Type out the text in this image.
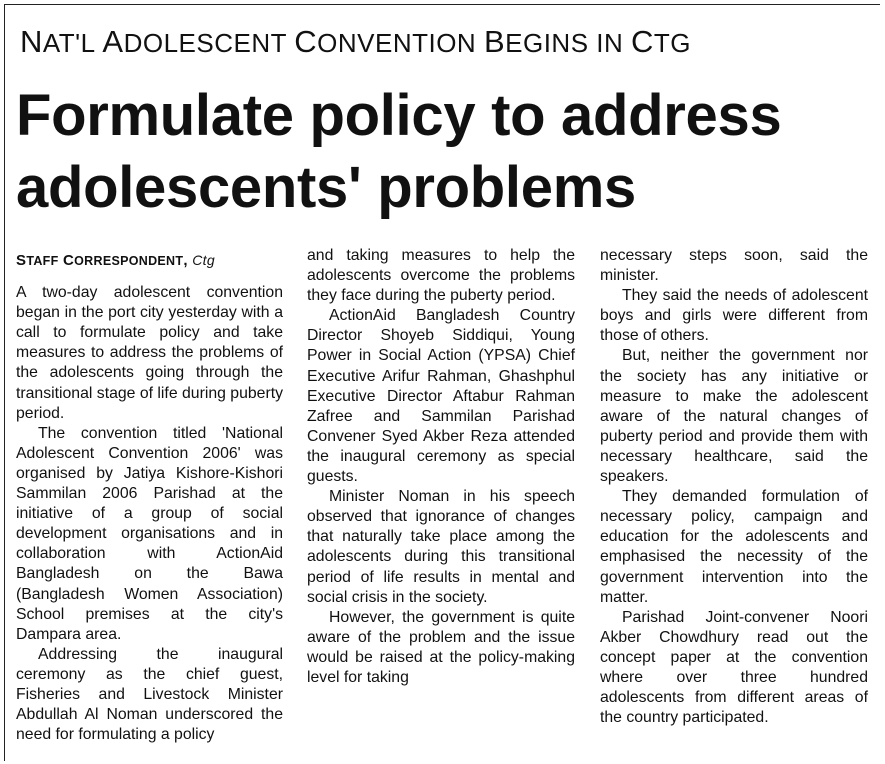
NAT'L ADOLESCENT CONVENTION BEGINS IN CTG
Formulate policy to address adolescents' problems
STAFF CORRESPONDENT, Ctg

A two-day adolescent convention began in the port city yesterday with a call to formulate policy and take measures to address the problems of the adolescents going through the transitional stage of life during puberty period.

The convention titled 'National Adolescent Convention 2006' was organised by Jatiya Kishore-Kishori Sammilan 2006 Parishad at the initiative of a group of social development organisations and in collaboration with ActionAid Bangladesh on the Bawa (Bangladesh Women Association) School premises at the city's Dampara area.

Addressing the inaugural ceremony as the chief guest, Fisheries and Livestock Minister Abdullah Al Noman underscored the need for formulating a policy

and taking measures to help the adolescents overcome the problems they face during the puberty period.

ActionAid Bangladesh Country Director Shoyeb Siddiqui, Young Power in Social Action (YPSA) Chief Executive Arifur Rahman, Ghashphul Executive Director Aftabur Rahman Zafree and Sammilan Parishad Convener Syed Akber Reza attended the inaugural ceremony as special guests.

Minister Noman in his speech observed that ignorance of changes that naturally take place among the adolescents during this transitional period of life results in mental and social crisis in the society.

However, the government is quite aware of the problem and the issue would be raised at the policy-making level for taking

necessary steps soon, said the minister.

They said the needs of adolescent boys and girls were different from those of others.

But, neither the government nor the society has any initiative or measure to make the adolescent aware of the natural changes of puberty period and provide them with necessary healthcare, said the speakers.

They demanded formulation of necessary policy, campaign and education for the adolescents and emphasised the necessity of the government intervention into the matter.

Parishad Joint-convener Noori Akber Chowdhury read out the concept paper at the convention where over three hundred adolescents from different areas of the country participated.
